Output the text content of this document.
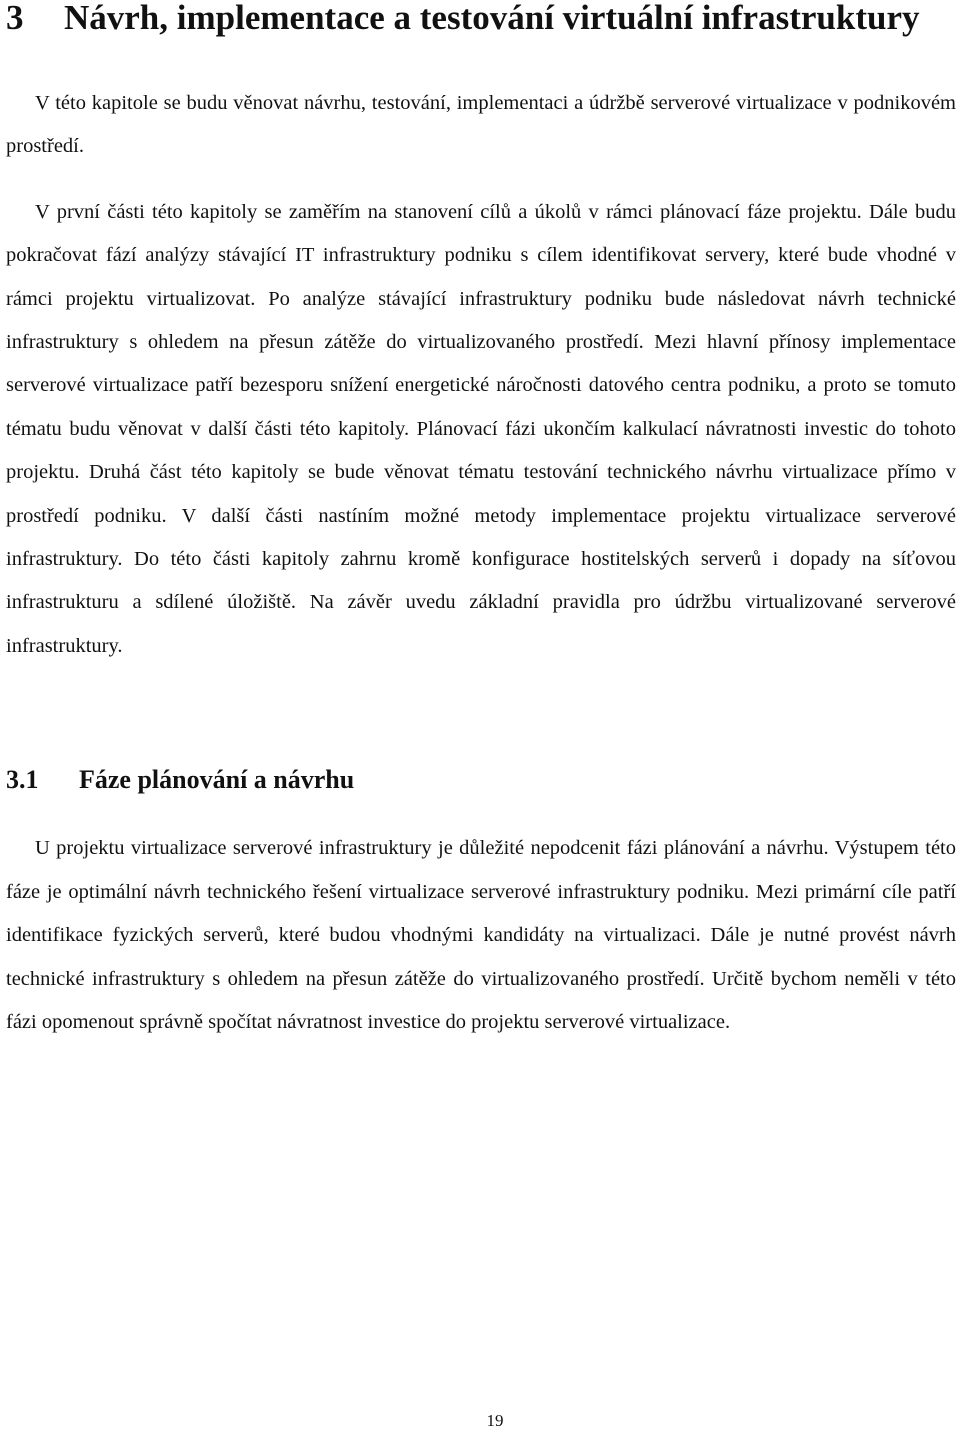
3 Návrh, implementace a testování virtuální infrastruktury

V této kapitole se budu věnovat návrhu, testování, implementaci a údržbě serverové virtualizace v podnikovém prostředí.

V první části této kapitoly se zaměřím na stanovení cílů a úkolů v rámci plánovací fáze projektu. Dále budu pokračovat fází analýzy stávající IT infrastruktury podniku s cílem identifikovat servery, které bude vhodné v rámci projektu virtualizovat. Po analýze stávající infrastruktury podniku bude následovat návrh technické infrastruktury s ohledem na přesun zátěže do virtualizovaného prostředí. Mezi hlavní přínosy implementace serverové virtualizace patří bezesporu snížení energetické náročnosti datového centra podniku, a proto se tomuto tématu budu věnovat v další části této kapitoly. Plánovací fázi ukončím kalkulací návratnosti investic do tohoto projektu. Druhá část této kapitoly se bude věnovat tématu testování technického návrhu virtualizace přímo v prostředí podniku. V další části nastíním možné metody implementace projektu virtualizace serverové infrastruktury. Do této části kapitoly zahrnu kromě konfigurace hostitelských serverů i dopady na síťovou infrastrukturu a sdílené úložiště. Na závěr uvedu základní pravidla pro údržbu virtualizované serverové infrastruktury.

3.1 Fáze plánování a návrhu

U projektu virtualizace serverové infrastruktury je důležité nepodcenit fázi plánování a návrhu. Výstupem této fáze je optimální návrh technického řešení virtualizace serverové infrastruktury podniku. Mezi primární cíle patří identifikace fyzických serverů, které budou vhodnými kandidáty na virtualizaci. Dále je nutné provést návrh technické infrastruktury s ohledem na přesun zátěže do virtualizovaného prostředí. Určitě bychom neměli v této fázi opomenout správně spočítat návratnost investice do projektu serverové virtualizace.

19
